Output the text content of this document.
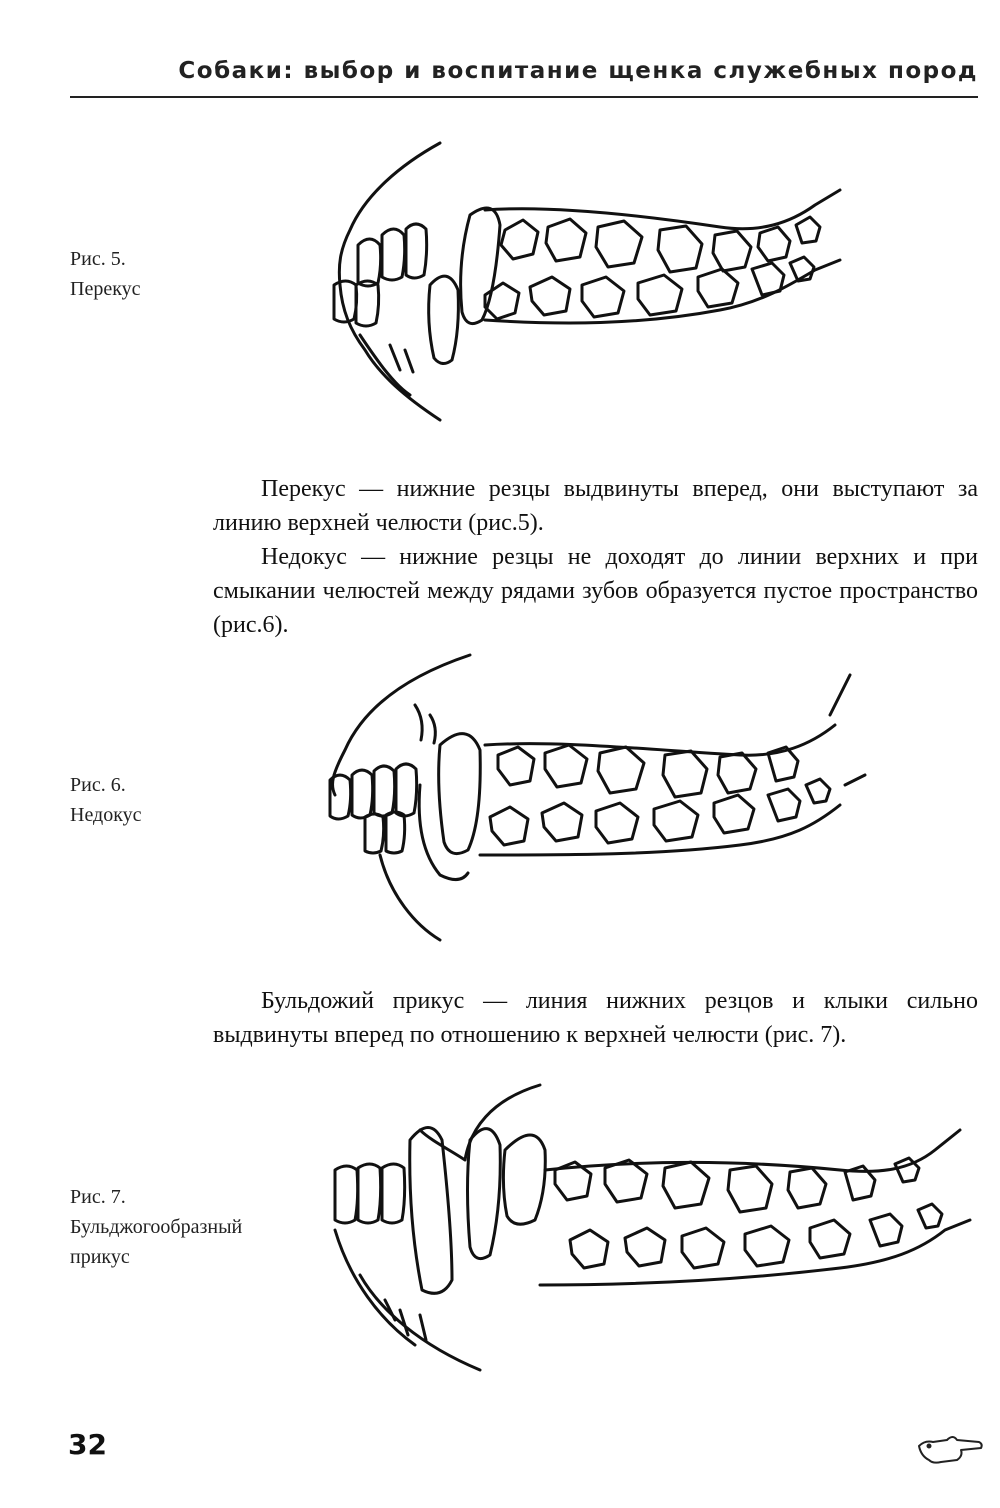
Собаки: выбор и воспитание щенка служебных пород
Рис. 5.
Перекус

Перекус — нижние резцы выдвинуты вперед, они выступают за линию верхней челюсти (рис.5).

Недокус — нижние резцы не доходят до линии верхних и при смыкании челюстей между рядами зубов образуется пустое пространство (рис.6).

Рис. 6.
Недокус

Бульдожий прикус — линия нижних резцов и клыки сильно выдвинуты вперед по отношению к верхней челюсти (рис. 7).

Рис. 7.
Бульджогообразный
прикус
32
